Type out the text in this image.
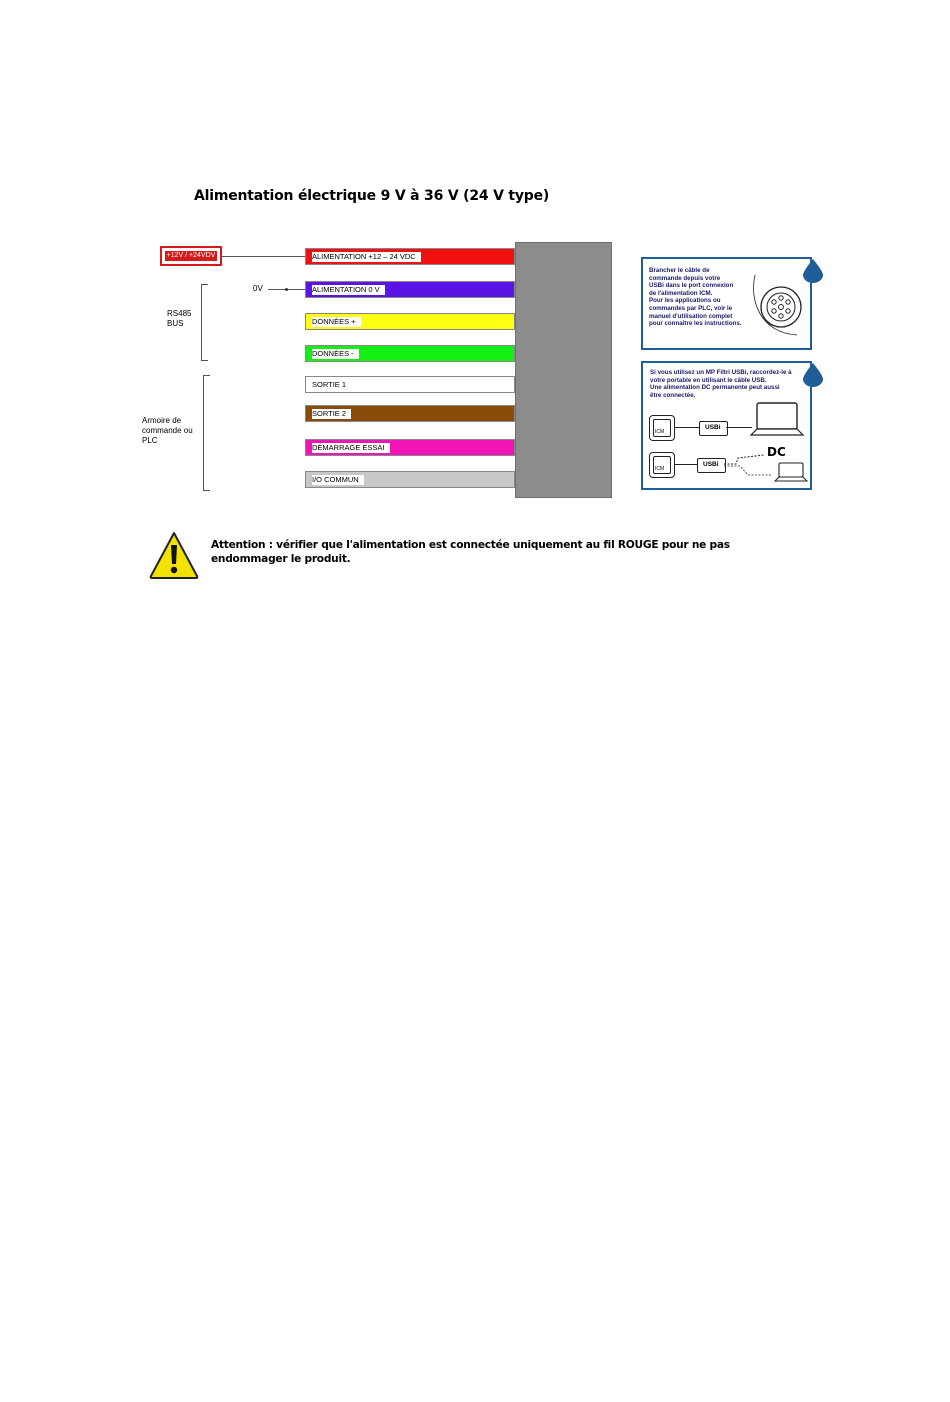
Alimentation électrique 9 V à 36 V (24 V type)
+12V / +24VDV
0V
RS485
BUS
Armoire de
commande ou
PLC
ALIMENTATION +12 – 24 VDC
ALIMENTATION 0 V
DONNÉES +
DONNÉES -
SORTIE 1
SORTIE 2
DÉMARRAGE ESSAI
I/O COMMUN
Brancher le câble de
commande depuis votre
USBi dans le port connexion
de l'alimentation ICM.
Pour les applications ou
commandes par PLC, voir le
manuel d'utilisation complet
pour connaître les instructions.
Si vous utilisez un MP Filtri USBi, raccordez-le à
votre portable en utilisant le câble USB.
Une alimentation DC permanente peut aussi
être connectée.
ICM
USBi
ICM
USBi
DC
Attention : vérifier que l'alimentation est connectée uniquement au fil ROUGE pour ne pas endommager le produit.
